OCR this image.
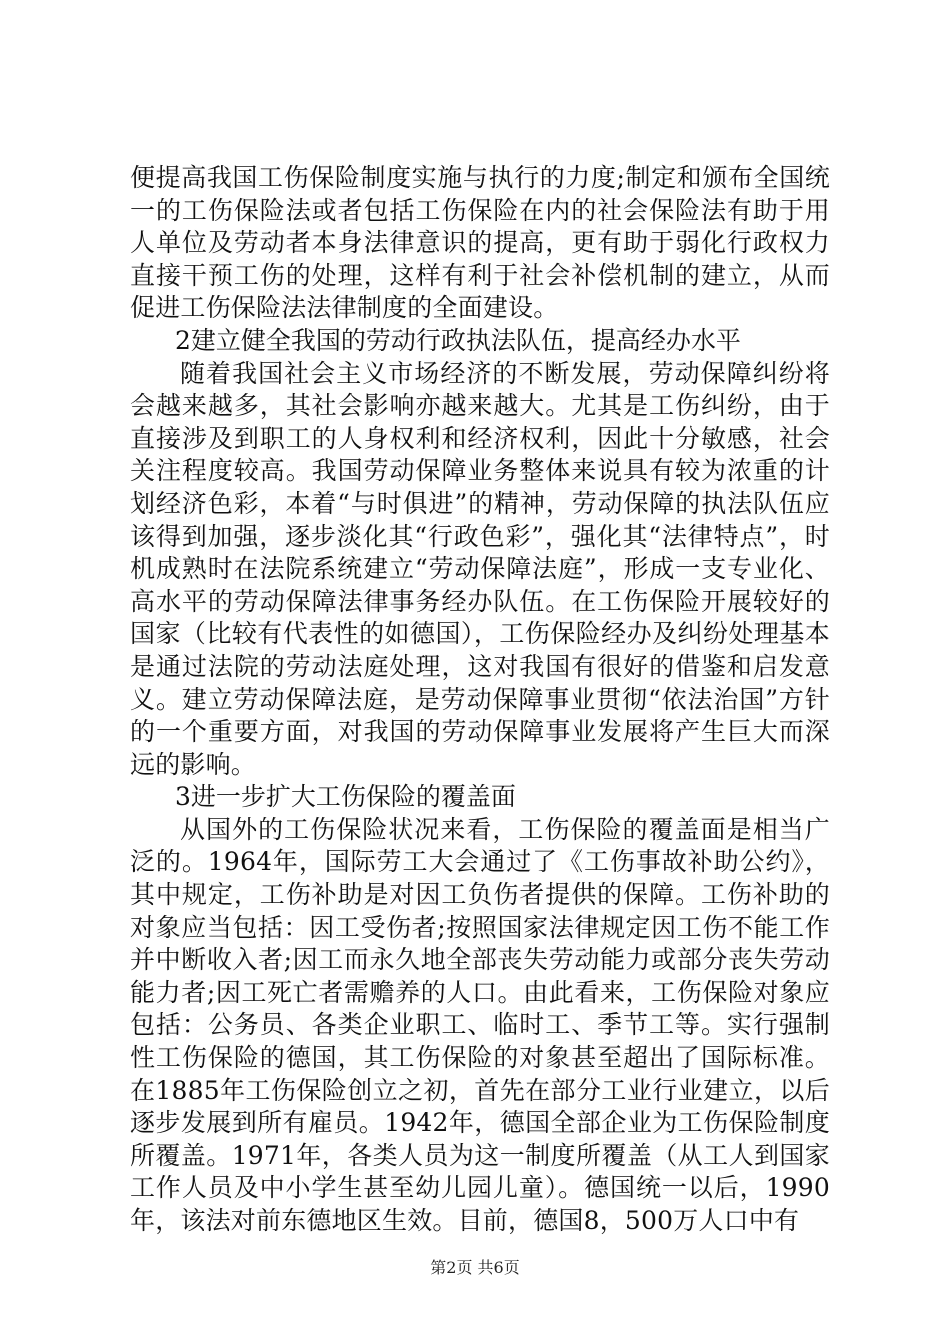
便提高我国工伤保险制度实施与执行的力度;制定和颁布全国统一的工伤保险法或者包括工伤保险在内的社会保险法有助于用人单位及劳动者本身法律意识的提高，更有助于弱化行政权力直接干预工伤的处理，这样有利于社会补偿机制的建立，从而促进工伤保险法法律制度的全面建设。

2建立健全我国的劳动行政执法队伍，提高经办水平

随着我国社会主义市场经济的不断发展，劳动保障纠纷将会越来越多，其社会影响亦越来越大。尤其是工伤纠纷，由于直接涉及到职工的人身权利和经济权利，因此十分敏感，社会关注程度较高。我国劳动保障业务整体来说具有较为浓重的计划经济色彩，本着“与时俱进”的精神，劳动保障的执法队伍应该得到加强，逐步淡化其“行政色彩”，强化其“法律特点”，时机成熟时在法院系统建立“劳动保障法庭”，形成一支专业化、高水平的劳动保障法律事务经办队伍。在工伤保险开展较好的国家（比较有代表性的如德国），工伤保险经办及纠纷处理基本是通过法院的劳动法庭处理，这对我国有很好的借鉴和启发意义。建立劳动保障法庭，是劳动保障事业贯彻“依法治国”方针的一个重要方面，对我国的劳动保障事业发展将产生巨大而深远的影响。

3进一步扩大工伤保险的覆盖面

从国外的工伤保险状况来看，工伤保险的覆盖面是相当广泛的。1964年，国际劳工大会通过了《工伤事故补助公约》，其中规定，工伤补助是对因工负伤者提供的保障。工伤补助的对象应当包括：因工受伤者;按照国家法律规定因工伤不能工作并中断收入者;因工而永久地全部丧失劳动能力或部分丧失劳动能力者;因工死亡者需赡养的人口。由此看来，工伤保险对象应包括：公务员、各类企业职工、临时工、季节工等。实行强制性工伤保险的德国，其工伤保险的对象甚至超出了国际标准。在1885年工伤保险创立之初，首先在部分工业行业建立，以后逐步发展到所有雇员。1942年，德国全部企业为工伤保险制度所覆盖。1971年，各类人员为这一制度所覆盖（从工人到国家工作人员及中小学生甚至幼儿园儿童）。德国统一以后，1990年，该法对前东德地区生效。目前，德国8，500万人口中有

第2页 共6页
